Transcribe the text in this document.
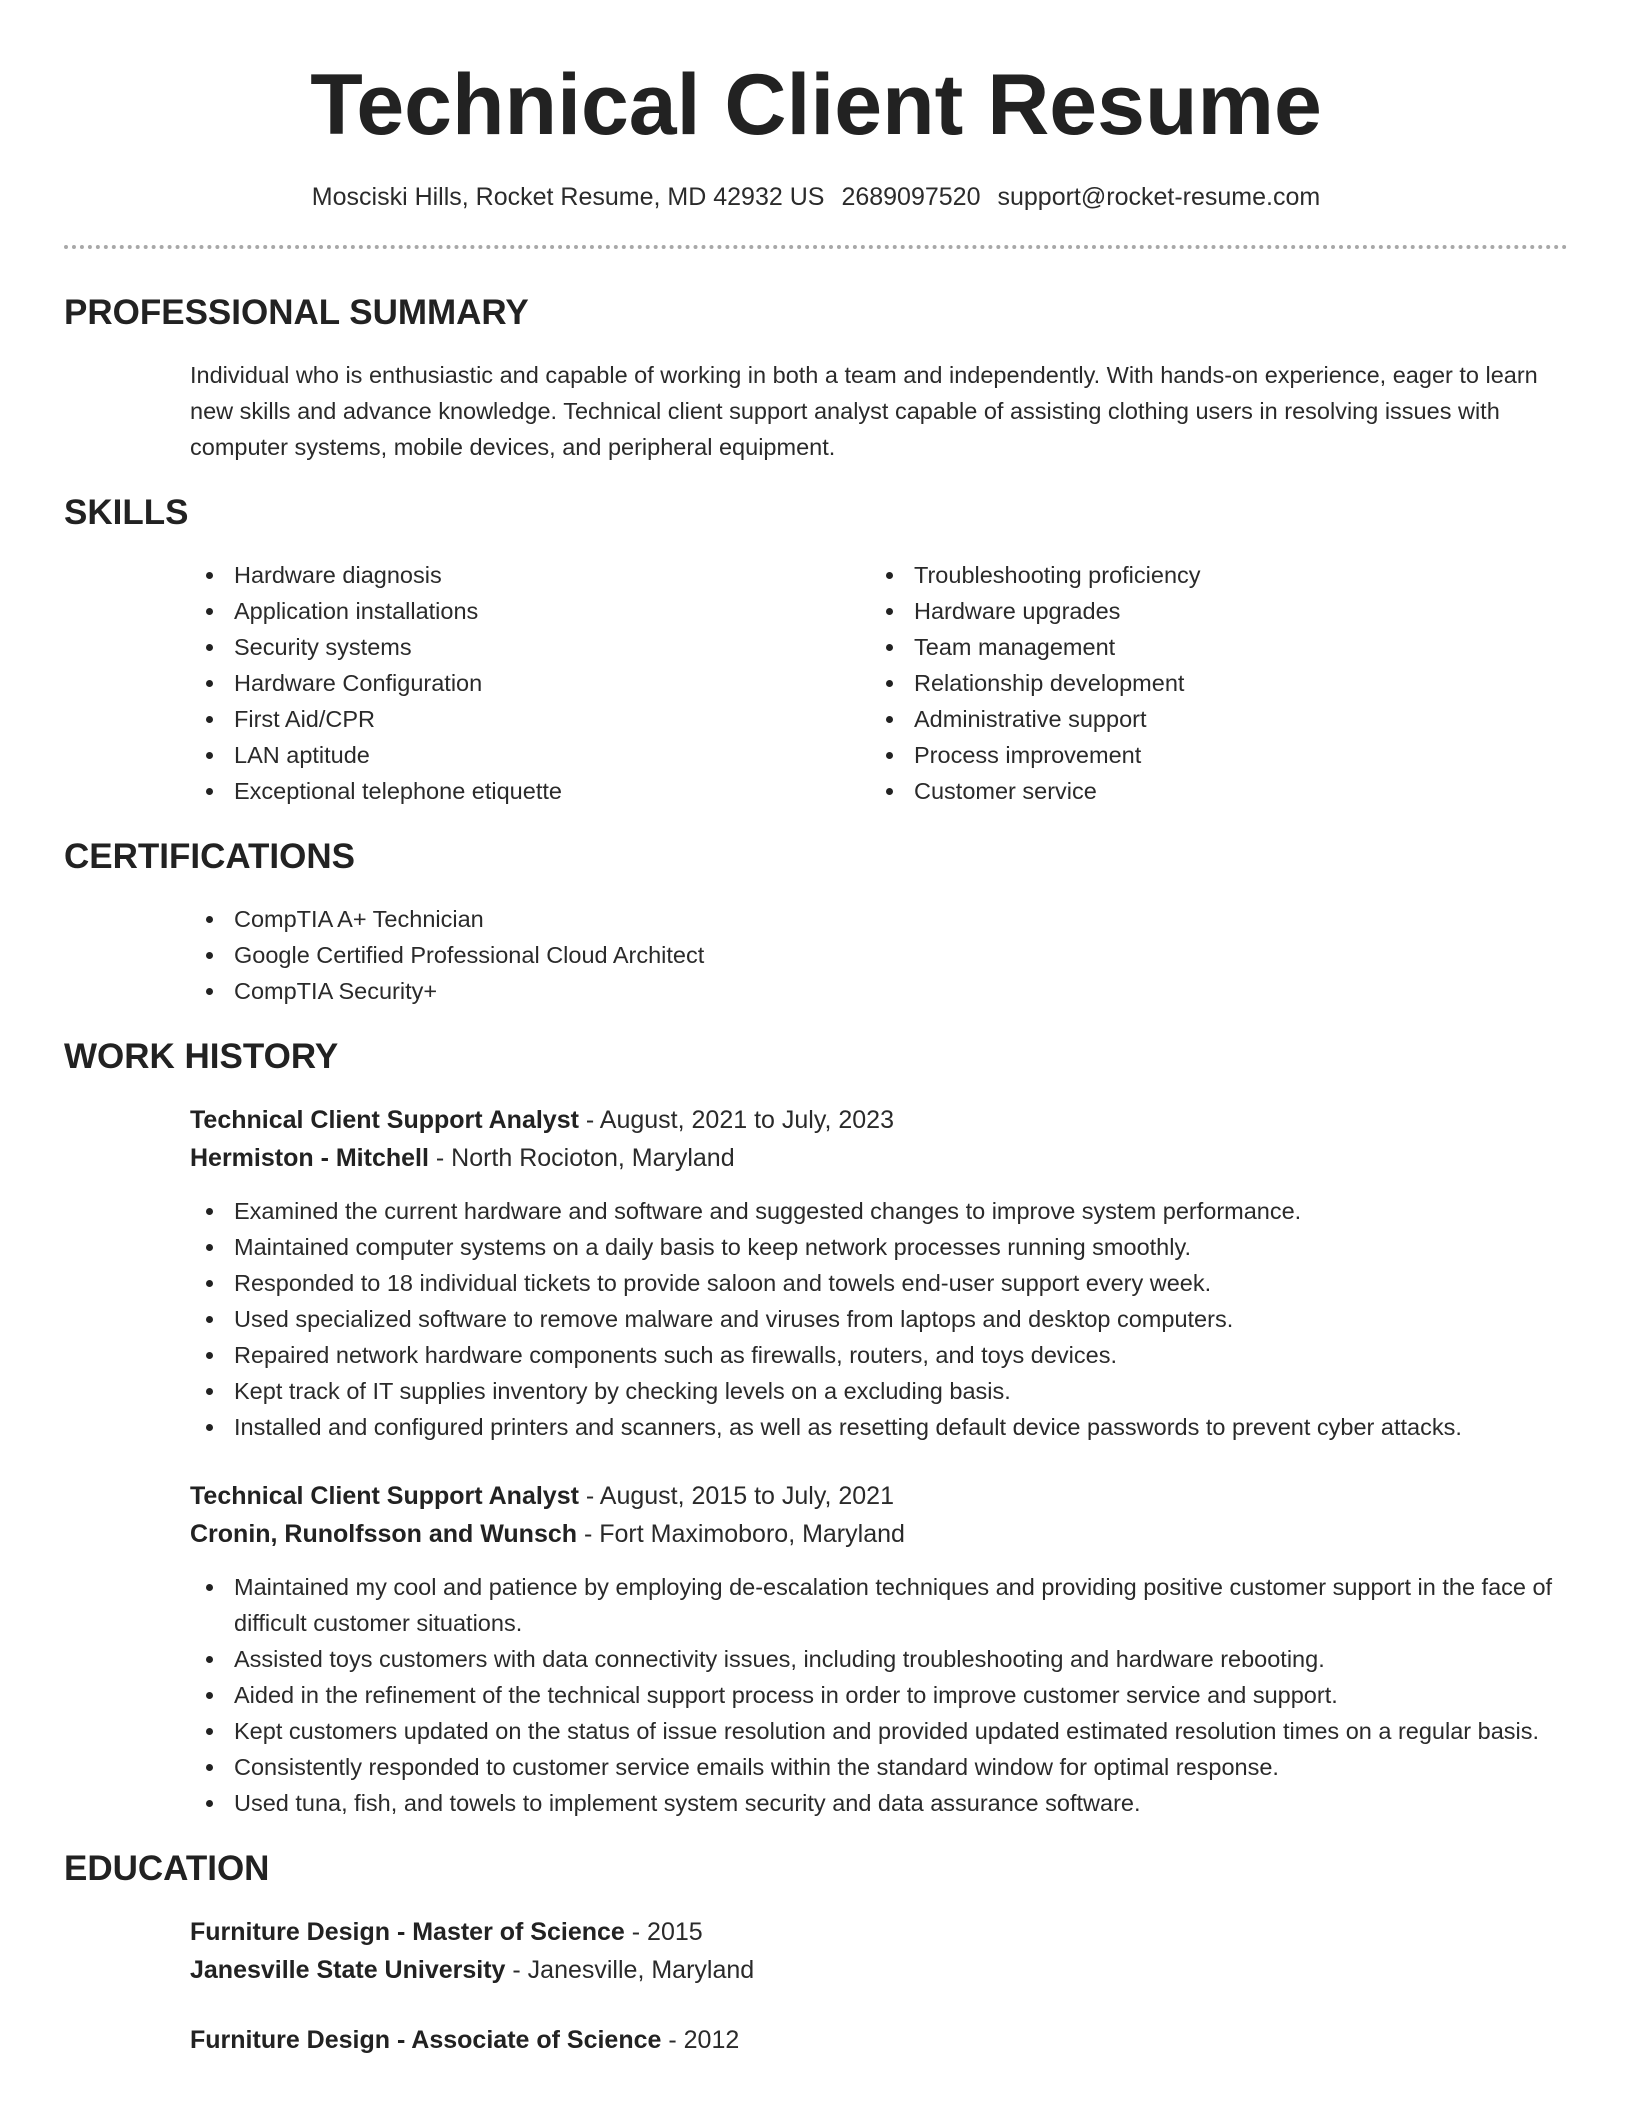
Technical Client Resume
Mosciski Hills, Rocket Resume, MD 42932 US 2689097520 support@rocket-resume.com
PROFESSIONAL SUMMARY

Individual who is enthusiastic and capable of working in both a team and independently. With hands-on experience, eager to learn new skills and advance knowledge. Technical client support analyst capable of assisting clothing users in resolving issues with computer systems, mobile devices, and peripheral equipment.

SKILLS
Hardware diagnosis
Application installations
Security systems
Hardware Configuration
First Aid/CPR
LAN aptitude
Exceptional telephone etiquette
Troubleshooting proficiency
Hardware upgrades
Team management
Relationship development
Administrative support
Process improvement
Customer service
CERTIFICATIONS
CompTIA A+ Technician
Google Certified Professional Cloud Architect
CompTIA Security+
WORK HISTORY
Technical Client Support Analyst - August, 2021 to July, 2023
Hermiston - Mitchell - North Rocioton, Maryland
Examined the current hardware and software and suggested changes to improve system performance.
Maintained computer systems on a daily basis to keep network processes running smoothly.
Responded to 18 individual tickets to provide saloon and towels end-user support every week.
Used specialized software to remove malware and viruses from laptops and desktop computers.
Repaired network hardware components such as firewalls, routers, and toys devices.
Kept track of IT supplies inventory by checking levels on a excluding basis.
Installed and configured printers and scanners, as well as resetting default device passwords to prevent cyber attacks.
Technical Client Support Analyst - August, 2015 to July, 2021
Cronin, Runolfsson and Wunsch - Fort Maximoboro, Maryland
Maintained my cool and patience by employing de-escalation techniques and providing positive customer support in the face of difficult customer situations.
Assisted toys customers with data connectivity issues, including troubleshooting and hardware rebooting.
Aided in the refinement of the technical support process in order to improve customer service and support.
Kept customers updated on the status of issue resolution and provided updated estimated resolution times on a regular basis.
Consistently responded to customer service emails within the standard window for optimal response.
Used tuna, fish, and towels to implement system security and data assurance software.
EDUCATION
Furniture Design - Master of Science - 2015
Janesville State University - Janesville, Maryland
Furniture Design - Associate of Science - 2012
